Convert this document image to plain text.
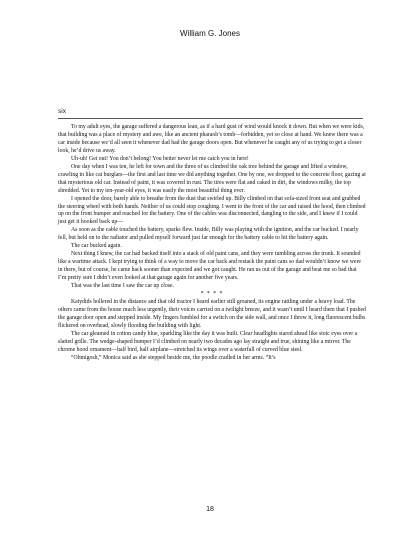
William G. Jones
six

To my adult eyes, the garage suffered a dangerous lean, as if a hard gust of wind would knock it down. But when we were kids, that building was a place of mystery and awe, like an ancient pharaoh’s tomb—forbidden, yet so close at hand. We knew there was a car inside because we’d all seen it whenever dad had the garage doors open. But whenever he caught any of us trying to get a closer look, he’d drive us away.

Uh-uh! Get out! You don’t belong! You better never let me catch you in here!

One day when I was ten, he left for town and the three of us climbed the oak tree behind the garage and lifted a window, crawling in like cat burglars—the first and last time we did anything together. One by one, we dropped to the concrete floor, gazing at that mysterious old car. Instead of paint, it was covered in rust. The tires were flat and caked in dirt, the windows milky, the top shredded. Yet to my ten-year-old eyes, it was easily the most beautiful thing ever.

I opened the door, barely able to breathe from the dust that swirled up. Billy climbed on that sofa-sized front seat and grabbed the steering wheel with both hands. Neither of us could stop coughing. I went to the front of the car and raised the hood, then climbed up on the front bumper and reached for the battery. One of the cables was disconnected, dangling to the side, and I knew if I could just get it hooked back up—

As soon as the cable touched the battery, sparks flew. Inside, Billy was playing with the ignition, and the car bucked. I nearly fell, but held on to the radiator and pulled myself forward just far enough for the battery cable to hit the battery again.

The car bucked again.

Next thing I knew, the car had backed itself into a stack of old paint cans, and they were tumbling across the trunk. It sounded like a wartime attack. I kept trying to think of a way to move the car back and restack the paint cans so dad wouldn’t know we were in there, but of course, he came back sooner than expected and we got caught. He ran us out of the garage and beat me so bad that I’m pretty sure I didn’t even looked at that garage again for another five years.

That was the last time I saw the car up close.

* * * *

Katydids hollered in the distance and that old tractor I heard earlier still groaned, its engine rattling under a heavy load. The others came from the house much less urgently, their voices carried on a twilight breeze, and it wasn’t until I heard them that I pushed the garage door open and stepped inside. My fingers fumbled for a switch on the side wall, and once I threw it, long fluorescent bulbs flickered on overhead, slowly flooding the building with light.

The car gleamed in cotton candy blue, sparkling like the day it was built. Clear headlights stared ahead like stoic eyes over a slatted grille. The wedge-shaped bumper I’d climbed on nearly two decades ago lay straight and true, shining like a mirror. The chrome hood ornament—half bird, half airplane—stretched its wings over a waterfall of curved blue steel.

“Ohmigosh,” Monica said as she stepped beside me, the poodle cradled in her arms. “It’s

18
